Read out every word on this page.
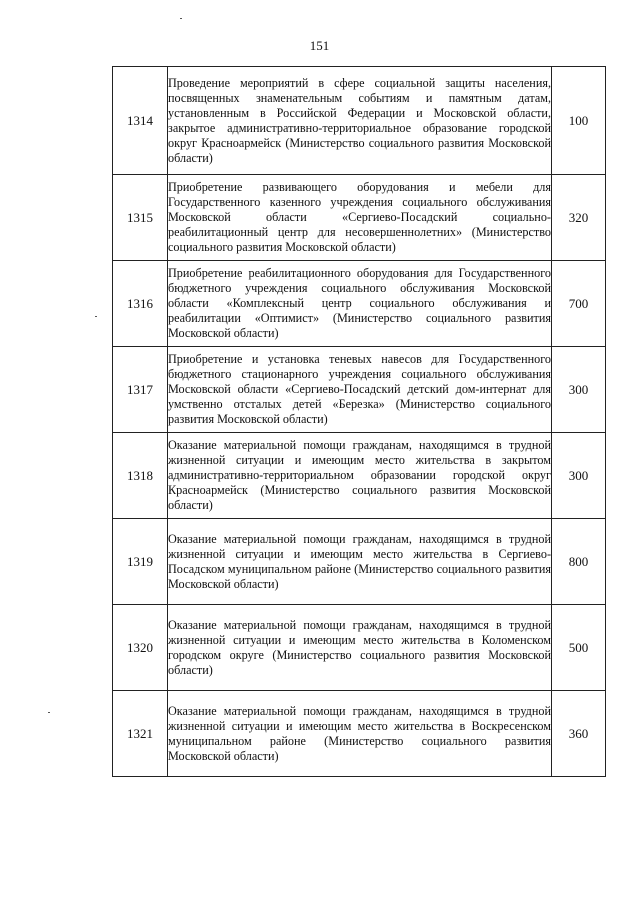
151
1314	Проведение мероприятий в сфере социальной защиты населения, посвященных знаменательным событиям и памятным датам, установленным в Российской Федерации и Московской области, закрытое административно-территориальное образование городской округ Красноармейск (Министерство социального развития Московской области)	100
1315	Приобретение развивающего оборудования и мебели для Государственного казенного учреждения социального обслуживания Московской области «Сергиево-Посадский социально-реабилитационный центр для несовершеннолетних» (Министерство социального развития Московской области)	320
1316	Приобретение реабилитационного оборудования для Государственного бюджетного учреждения социального обслуживания Московской области «Комплексный центр социального обслуживания и реабилитации «Оптимист» (Министерство социального развития Московской области)	700
1317	Приобретение и установка теневых навесов для Государственного бюджетного стационарного учреждения социального обслуживания Московской области «Сергиево-Посадский детский дом-интернат для умственно отсталых детей «Березка» (Министерство социального развития Московской области)	300
1318	Оказание материальной помощи гражданам, находящимся в трудной жизненной ситуации и имеющим место жительства в закрытом административно-территориальном образовании городской округ Красноармейск (Министерство социального развития Московской области)	300
1319	Оказание материальной помощи гражданам, находящимся в трудной жизненной ситуации и имеющим место жительства в Сергиево-Посадском муниципальном районе (Министерство социального развития Московской области)	800
1320	Оказание материальной помощи гражданам, находящимся в трудной жизненной ситуации и имеющим место жительства в Коломенском городском округе (Министерство социального развития Московской области)	500
1321	Оказание материальной помощи гражданам, находящимся в трудной жизненной ситуации и имеющим место жительства в Воскресенском муниципальном районе (Министерство социального развития Московской области)	360
